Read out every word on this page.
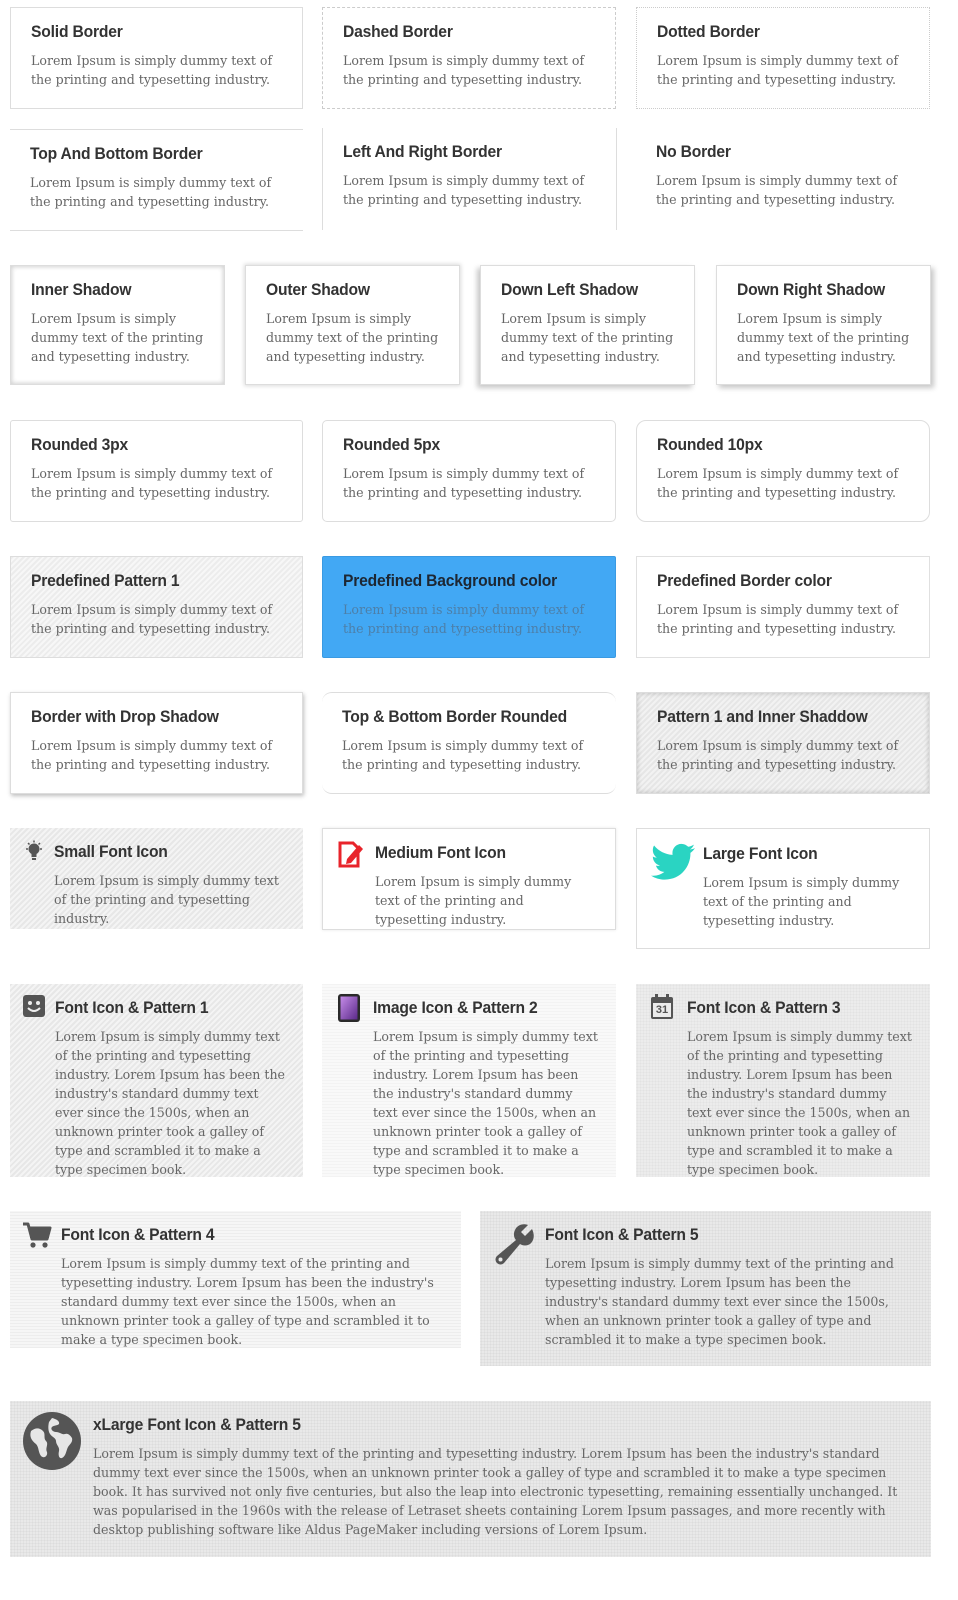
Solid Border

Lorem Ipsum is simply dummy text of the printing and typesetting industry.

Dashed Border

Lorem Ipsum is simply dummy text of the printing and typesetting industry.

Dotted Border

Lorem Ipsum is simply dummy text of the printing and typesetting industry.

Top And Bottom Border

Lorem Ipsum is simply dummy text of the printing and typesetting industry.

Left And Right Border

Lorem Ipsum is simply dummy text of the printing and typesetting industry.

No Border

Lorem Ipsum is simply dummy text of the printing and typesetting industry.

Inner Shadow

Lorem Ipsum is simply dummy text of the printing and typesetting industry.

Outer Shadow

Lorem Ipsum is simply dummy text of the printing and typesetting industry.

Down Left Shadow

Lorem Ipsum is simply dummy text of the printing and typesetting industry.

Down Right Shadow

Lorem Ipsum is simply dummy text of the printing and typesetting industry.

Rounded 3px

Lorem Ipsum is simply dummy text of the printing and typesetting industry.

Rounded 5px

Lorem Ipsum is simply dummy text of the printing and typesetting industry.

Rounded 10px

Lorem Ipsum is simply dummy text of the printing and typesetting industry.

Predefined Pattern 1

Lorem Ipsum is simply dummy text of the printing and typesetting industry.

Predefined Background color

Lorem Ipsum is simply dummy text of the printing and typesetting industry.

Predefined Border color

Lorem Ipsum is simply dummy text of the printing and typesetting industry.

Border with Drop Shadow

Lorem Ipsum is simply dummy text of the printing and typesetting industry.

Top & Bottom Border Rounded

Lorem Ipsum is simply dummy text of the printing and typesetting industry.

Pattern 1 and Inner Shaddow

Lorem Ipsum is simply dummy text of the printing and typesetting industry.

Small Font Icon

Lorem Ipsum is simply dummy text of the printing and typesetting industry.

Medium Font Icon

Lorem Ipsum is simply dummy text of the printing and typesetting industry.

Large Font Icon

Lorem Ipsum is simply dummy text of the printing and typesetting industry.

Font Icon & Pattern 1

Lorem Ipsum is simply dummy text of the printing and typesetting industry. Lorem Ipsum has been the industry's standard dummy text ever since the 1500s, when an unknown printer took a galley of type and scrambled it to make a type specimen book.

Image Icon & Pattern 2

Lorem Ipsum is simply dummy text of the printing and typesetting industry. Lorem Ipsum has been the industry's standard dummy text ever since the 1500s, when an unknown printer took a galley of type and scrambled it to make a type specimen book.

31 Font Icon & Pattern 3

Lorem Ipsum is simply dummy text of the printing and typesetting industry. Lorem Ipsum has been the industry's standard dummy text ever since the 1500s, when an unknown printer took a galley of type and scrambled it to make a type specimen book.

Font Icon & Pattern 4

Lorem Ipsum is simply dummy text of the printing and typesetting industry. Lorem Ipsum has been the industry's standard dummy text ever since the 1500s, when an unknown printer took a galley of type and scrambled it to make a type specimen book.

Font Icon & Pattern 5

Lorem Ipsum is simply dummy text of the printing and typesetting industry. Lorem Ipsum has been the industry's standard dummy text ever since the 1500s, when an unknown printer took a galley of type and scrambled it to make a type specimen book.

xLarge Font Icon & Pattern 5

Lorem Ipsum is simply dummy text of the printing and typesetting industry. Lorem Ipsum has been the industry's standard dummy text ever since the 1500s, when an unknown printer took a galley of type and scrambled it to make a type specimen book. It has survived not only five centuries, but also the leap into electronic typesetting, remaining essentially unchanged. It was popularised in the 1960s with the release of Letraset sheets containing Lorem Ipsum passages, and more recently with desktop publishing software like Aldus PageMaker including versions of Lorem Ipsum.
